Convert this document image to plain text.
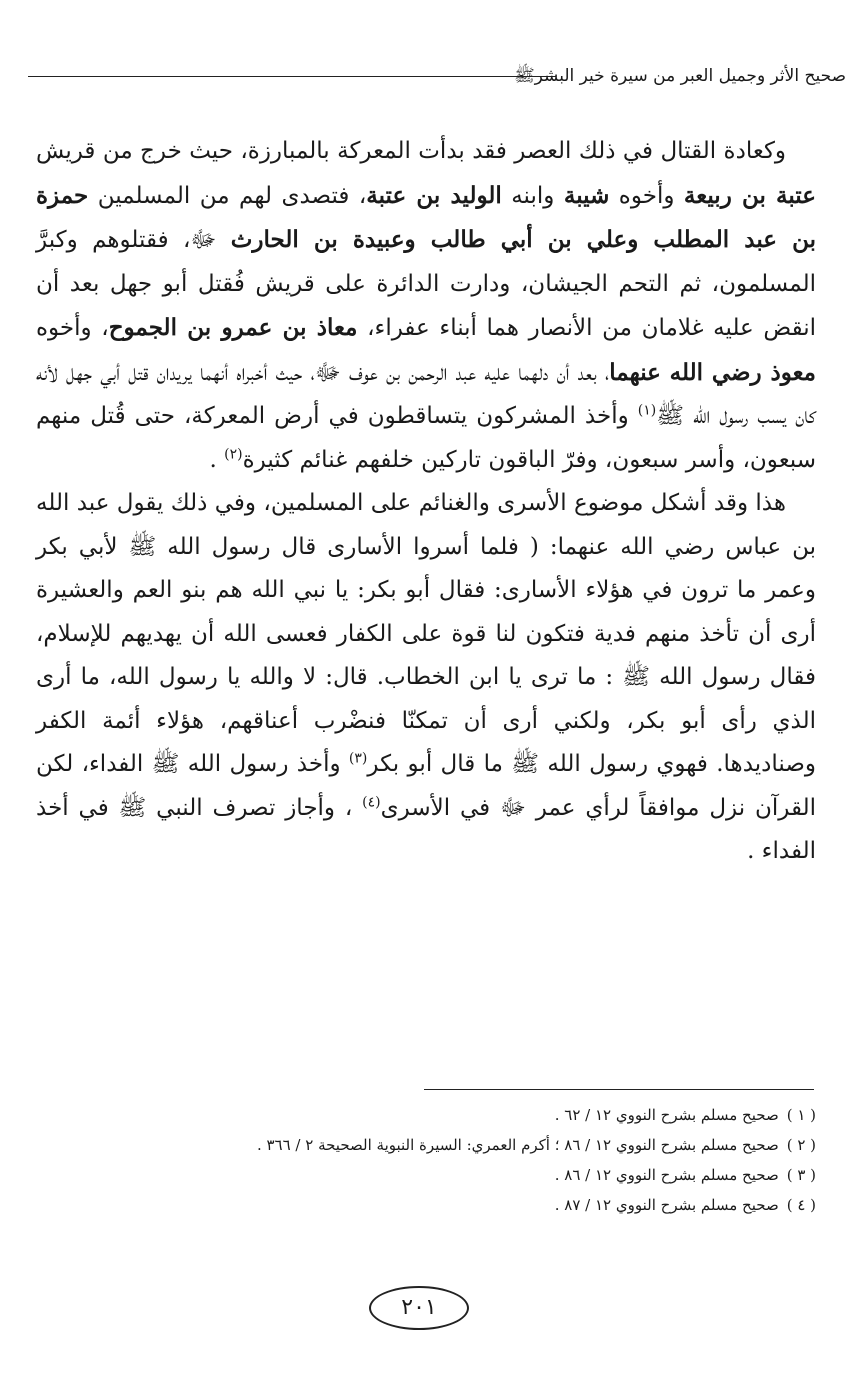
صحيح الأثر وجميل العبر من سيرة خير البشرﷺ

وكعادة القتال في ذلك العصر فقد بدأت المعركة بالمبارزة، حيث خرج من قريش عتبة بن ربيعة وأخوه شيبة وابنه الوليد بن عتبة، فتصدى لهم من المسلمين حمزة بن عبد المطلب وعلي بن أبي طالب وعبيدة بن الحارث ﷻ، فقتلوهم وكبرَّ المسلمون، ثم التحم الجيشان، ودارت الدائرة على قريش فُقتل أبو جهل بعد أن انقض عليه غلامان من الأنصار هما أبناء عفراء، معاذ بن عمرو بن الجموح، وأخوه معوذ رضي الله عنهما، بعد أن دلهما عليه عبد الرحمن بن عوف ﷻ، حيث أخبراه أنهما يريدان قتل أبي جهل لأنه كان يسب رسول الله ﷺ$^{(١)}$ وأخذ المشركون يتساقطون في أرض المعركة، حتى قُتل منهم سبعون، وأسر سبعون، وفرّ الباقون تاركين خلفهم غنائم كثيرة$^{(٢)}$ .

هذا وقد أشكل موضوع الأسرى والغنائم على المسلمين، وفي ذلك يقول عبد الله بن عباس رضي الله عنهما: ( فلما أسروا الأسارى قال رسول الله ﷺ لأبي بكر وعمر ما ترون في هؤلاء الأسارى: فقال أبو بكر: يا نبي الله هم بنو العم والعشيرة أرى أن تأخذ منهم فدية فتكون لنا قوة على الكفار فعسى الله أن يهديهم للإسلام، فقال رسول الله ﷺ : ما ترى يا ابن الخطاب. قال: لا والله يا رسول الله، ما أرى الذي رأى أبو بكر، ولكني أرى أن تمكنّا فنضْرب أعناقهم، هؤلاء أئمة الكفر وصناديدها. فهوي رسول الله ﷺ ما قال أبو بكر$^{(٣)}$ وأخذ رسول الله ﷺ الفداء، لكن القرآن نزل موافقاً لرأي عمر ﷻ في الأسرى$^{(٤)}$ ، وأجاز تصرف النبي ﷺ في أخذ الفداء .

( ١ )صحيح مسلم بشرح النووي ١٢ / ٦٢ .
( ٢ )صحيح مسلم بشرح النووي ١٢ / ٨٦ ؛ أكرم العمري: السيرة النبوية الصحيحة ٢ / ٣٦٦ .
( ٣ )صحيح مسلم بشرح النووي ١٢ / ٨٦ .
( ٤ )صحيح مسلم بشرح النووي ١٢ / ٨٧ .
٢٠١
